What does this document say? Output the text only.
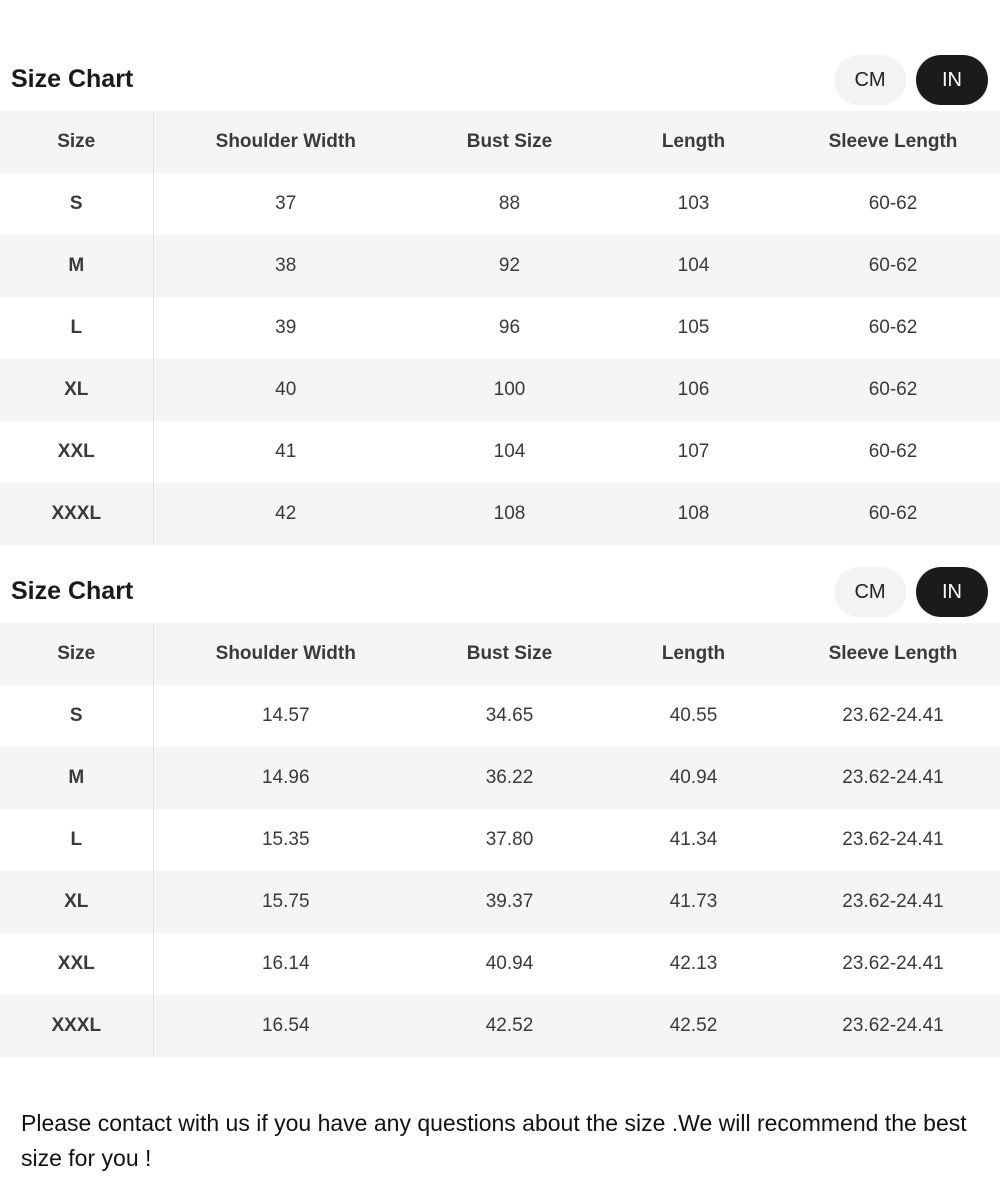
Size Chart	CM	IN
Size	Shoulder Width	Bust Size	Length	Sleeve Length
S	37	88	103	60-62
M	38	92	104	60-62
L	39	96	105	60-62
XL	40	100	106	60-62
XXL	41	104	107	60-62
XXXL	42	108	108	60-62
Size Chart	CM	IN
Size	Shoulder Width	Bust Size	Length	Sleeve Length
S	14.57	34.65	40.55	23.62-24.41
M	14.96	36.22	40.94	23.62-24.41
L	15.35	37.80	41.34	23.62-24.41
XL	15.75	39.37	41.73	23.62-24.41
XXL	16.14	40.94	42.13	23.62-24.41
XXXL	16.54	42.52	42.52	23.62-24.41

Please contact with us if you have any questions about the size .We will recommend the best size for you !
